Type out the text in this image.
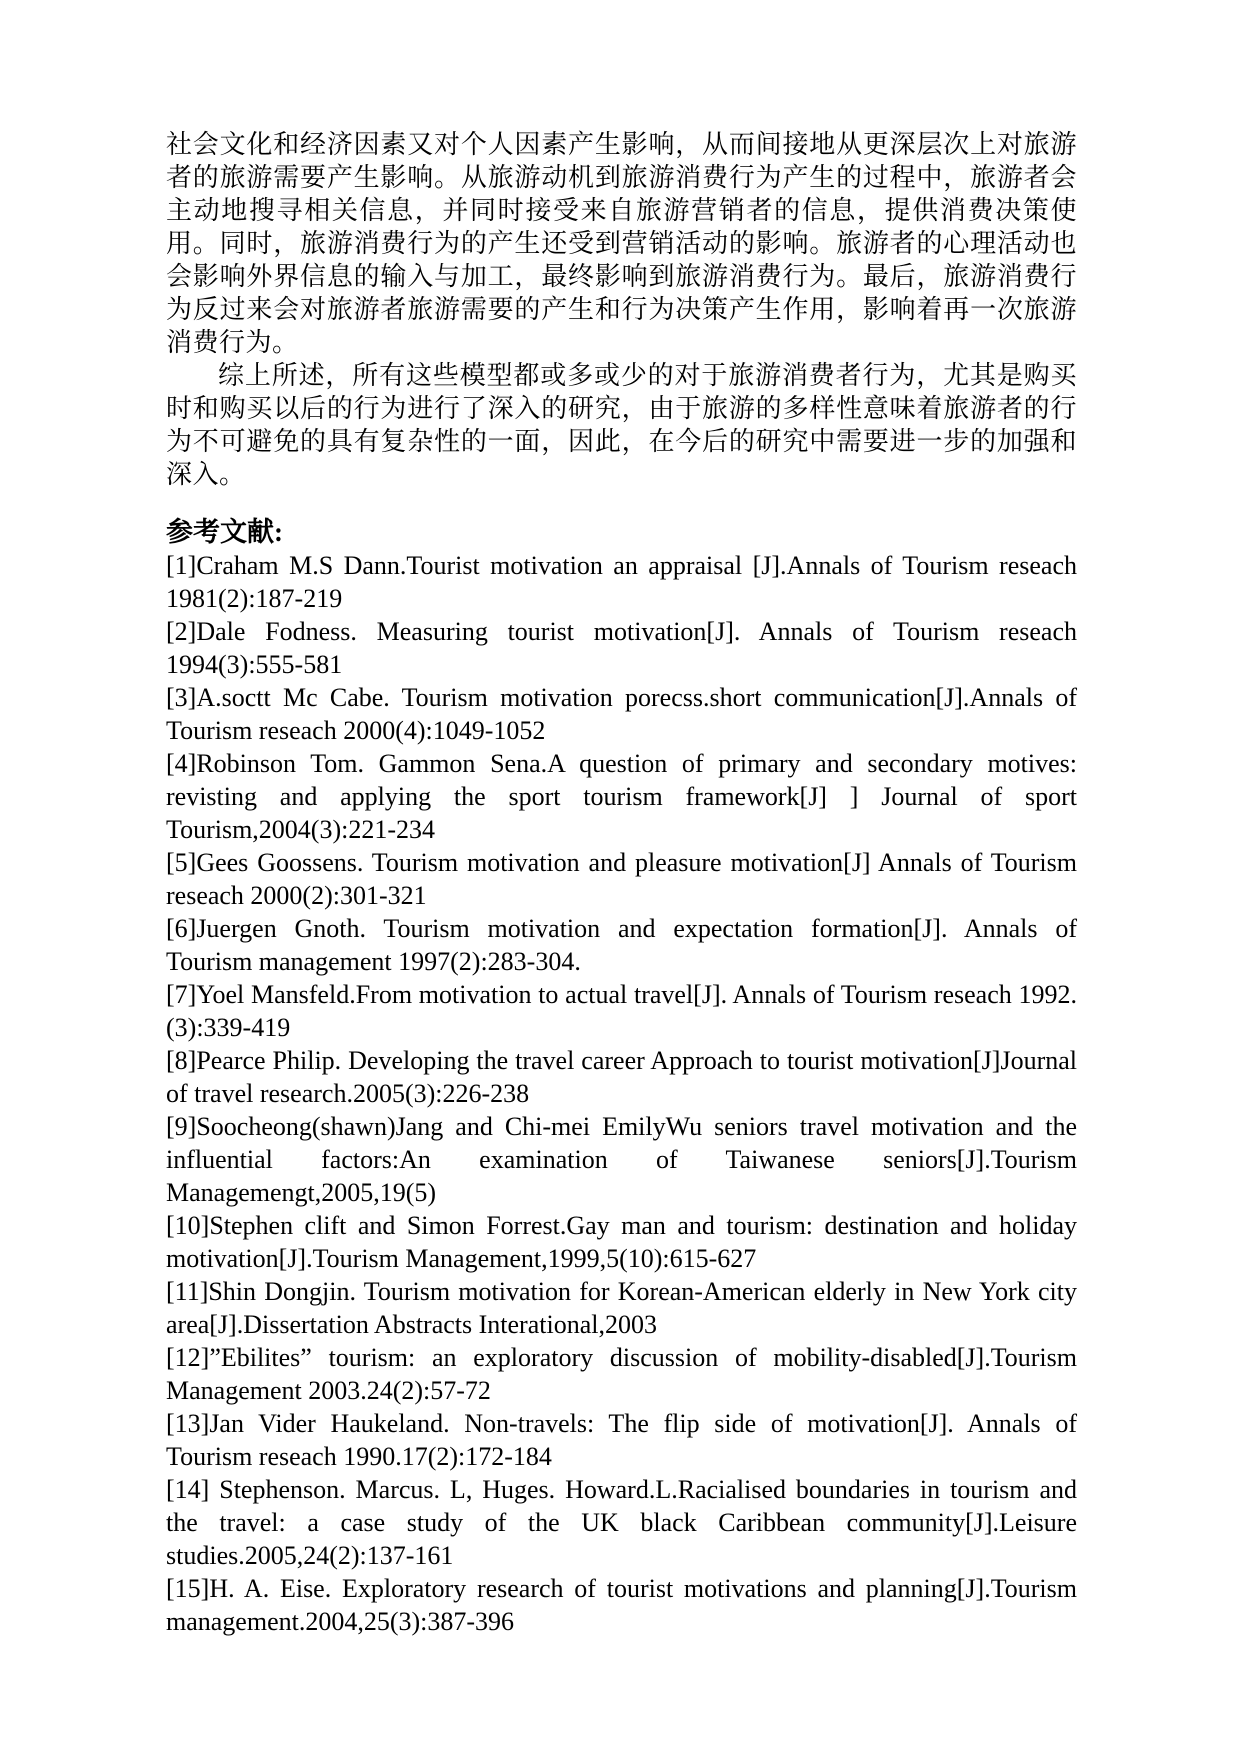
社会文化和经济因素又对个人因素产生影响，从而间接地从更深层次上对旅游者的旅游需要产生影响。从旅游动机到旅游消费行为产生的过程中，旅游者会主动地搜寻相关信息，并同时接受来自旅游营销者的信息，提供消费决策使用。同时，旅游消费行为的产生还受到营销活动的影响。旅游者的心理活动也会影响外界信息的输入与加工，最终影响到旅游消费行为。最后，旅游消费行为反过来会对旅游者旅游需要的产生和行为决策产生作用，影响着再一次旅游消费行为。

综上所述，所有这些模型都或多或少的对于旅游消费者行为，尤其是购买时和购买以后的行为进行了深入的研究，由于旅游的多样性意味着旅游者的行为不可避免的具有复杂性的一面，因此，在今后的研究中需要进一步的加强和深入。

参考文献:

[1]Craham M.S Dann.Tourist motivation an appraisal [J].Annals of Tourism reseach 1981(2):187-219

[2]Dale Fodness. Measuring tourist motivation[J]. Annals of Tourism reseach 1994(3):555-581

[3]A.soctt Mc Cabe. Tourism motivation porecss.short communication[J].Annals of Tourism reseach 2000(4):1049-1052

[4]Robinson Tom. Gammon Sena.A question of primary and secondary motives: revisting and applying the sport tourism framework[J] ] Journal of sport Tourism,2004(3):221-234

[5]Gees Goossens. Tourism motivation and pleasure motivation[J] Annals of Tourism reseach 2000(2):301-321

[6]Juergen Gnoth. Tourism motivation and expectation formation[J]. Annals of Tourism management 1997(2):283-304.

[7]Yoel Mansfeld.From motivation to actual travel[J]. Annals of Tourism reseach 1992.(3):339-419

[8]Pearce Philip. Developing the travel career Approach to tourist motivation[J]Journal of travel research.2005(3):226-238

[9]Soocheong(shawn)Jang and Chi-mei EmilyWu seniors travel motivation and the influential factors:An examination of Taiwanese seniors[J].Tourism Managemengt,2005,19(5)

[10]Stephen clift and Simon Forrest.Gay man and tourism: destination and holiday motivation[J].Tourism Management,1999,5(10):615-627

[11]Shin Dongjin. Tourism motivation for Korean-American elderly in New York city area[J].Dissertation Abstracts Interational,2003

[12]”Ebilites” tourism: an exploratory discussion of mobility-disabled[J].Tourism Management 2003.24(2):57-72

[13]Jan Vider Haukeland. Non-travels: The flip side of motivation[J]. Annals of Tourism reseach 1990.17(2):172-184

[14] Stephenson. Marcus. L, Huges. Howard.L.Racialised boundaries in tourism and the travel: a case study of the UK black Caribbean community[J].Leisure studies.2005,24(2):137-161

[15]H. A. Eise. Exploratory research of tourist motivations and planning[J].Tourism management.2004,25(3):387-396
